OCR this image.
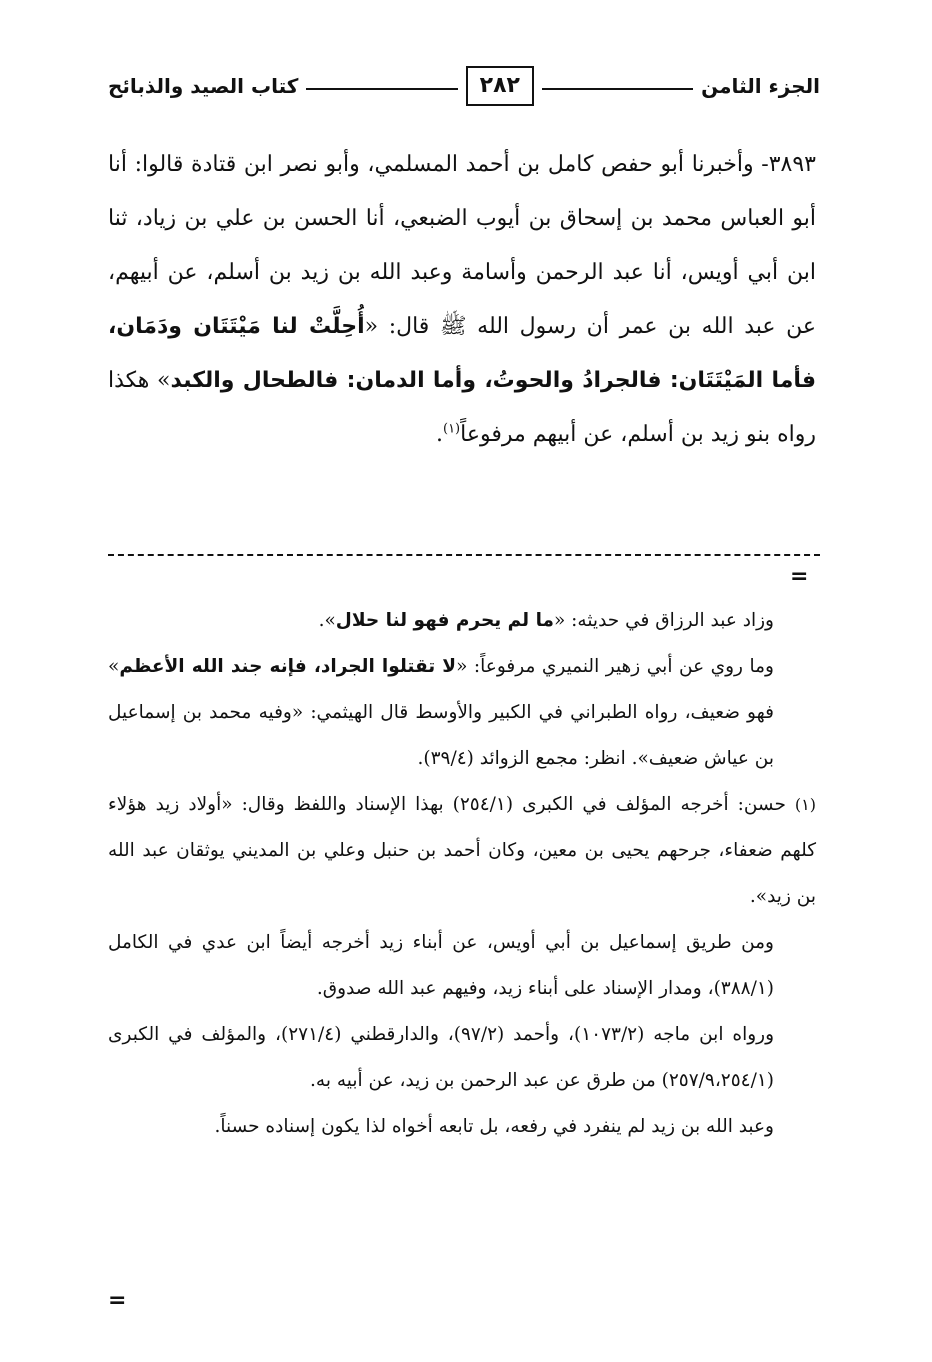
الجزء الثامن
٢٨٢
كتاب الصيد والذبائح

٣٨٩٣- وأخبرنا أبو حفص كامل بن أحمد المسلمي، وأبو نصر ابن قتادة قالوا: أنا أبو العباس محمد بن إسحاق بن أيوب الضبعي، أنا الحسن بن علي بن زياد، ثنا ابن أبي أويس، أنا عبد الرحمن وأسامة وعبد الله بن زيد بن أسلم، عن أبيهم، عن عبد الله بن عمر أن رسول الله ﷺ قال: «أُحِلَّتْ لنا مَيْتَتَان ودَمَان، فأما المَيْتَتَان: فالجرادُ والحوتُ، وأما الدمان: فالطحال والكبد» هكذا رواه بنو زيد بن أسلم، عن أبيهم مرفوعاً$^{(١)}$.

=

وزاد عبد الرزاق في حديثه: «ما لم يحرم فهو لنا حلال».

وما روي عن أبي زهير النميري مرفوعاً: «لا تقتلوا الجراد، فإنه جند الله الأعظم» فهو ضعيف، رواه الطبراني في الكبير والأوسط قال الهيثمي: «وفيه محمد بن إسماعيل بن عياش ضعيف». انظر: مجمع الزوائد (٣٩/٤).

(١) حسن: أخرجه المؤلف في الكبرى (٢٥٤/١) بهذا الإسناد واللفظ وقال: «أولاد زيد هؤلاء كلهم ضعفاء، جرحهم يحيى بن معين، وكان أحمد بن حنبل وعلي بن المديني يوثقان عبد الله بن زيد».

ومن طريق إسماعيل بن أبي أويس، عن أبناء زيد أخرجه أيضاً ابن عدي في الكامل (٣٨٨/١)، ومدار الإسناد على أبناء زيد، وفيهم عبد الله صدوق.

ورواه ابن ماجه (١٠٧٣/٢)، وأحمد (٩٧/٢)، والدارقطني (٢٧١/٤)، والمؤلف في الكبرى (٢٥٧/٩،٢٥٤/١) من طرق عن عبد الرحمن بن زيد، عن أبيه به.

وعبد الله بن زيد لم ينفرد في رفعه، بل تابعه أخواه لذا يكون إسناده حسناً.

=
